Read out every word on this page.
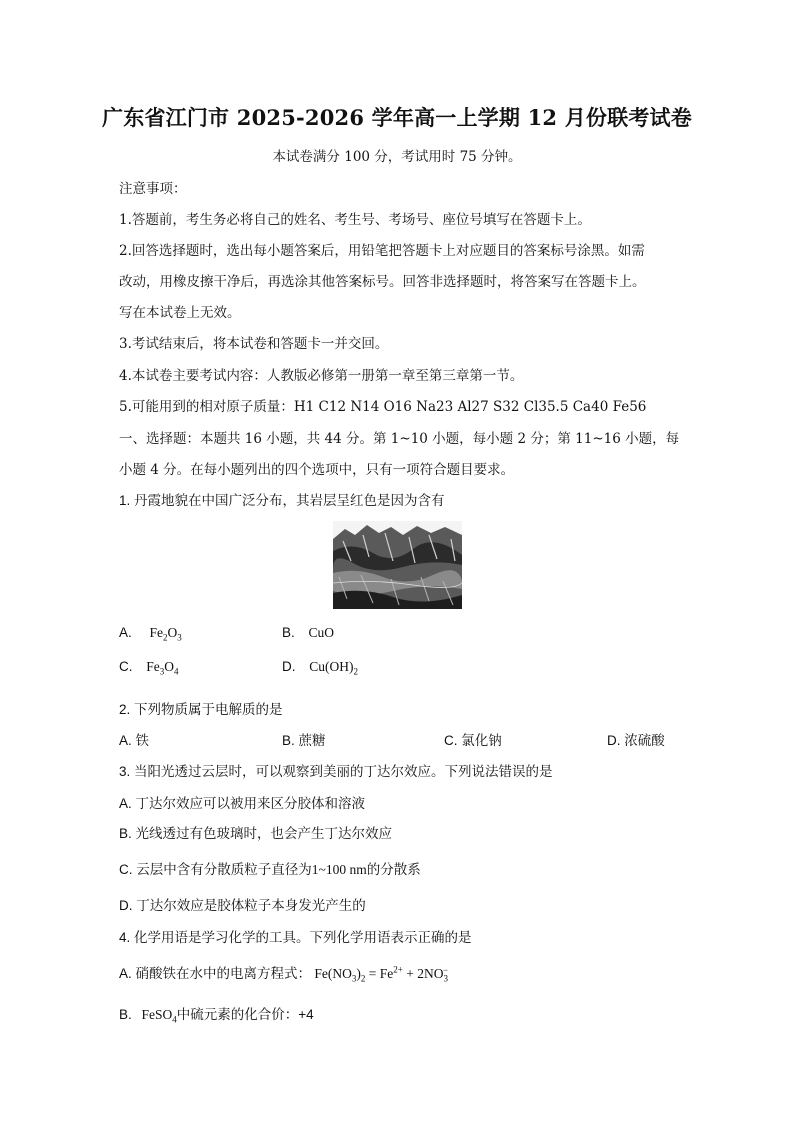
广东省江门市 2025-2026 学年高一上学期 12 月份联考试卷
本试卷满分 100 分，考试用时 75 分钟。
注意事项：
1.答题前，考生务必将自己的姓名、考生号、考场号、座位号填写在答题卡上。
2.回答选择题时，选出每小题答案后，用铅笔把答题卡上对应题目的答案标号涂黑。如需
改动，用橡皮擦干净后，再选涂其他答案标号。回答非选择题时，将答案写在答题卡上。
写在本试卷上无效。
3.考试结束后，将本试卷和答题卡一并交回。
4.本试卷主要考试内容：人教版必修第一册第一章至第三章第一节。
5.可能用到的相对原子质量：H1 C12 N14 O16 Na23 Al27 S32 Cl35.5 Ca40 Fe56
一、选择题：本题共 16 小题，共 44 分。第 1~10 小题，每小题 2 分；第 11~16 小题，每
小题 4 分。在每小题列出的四个选项中，只有一项符合题目要求。
1. 丹霞地貌在中国广泛分布，其岩层呈红色是因为含有
A. $Fe_2O_3$	B. CuO
C. $Fe_3O_4$	D. $Cu(OH)_2$
2. 下列物质属于电解质的是
A. 铁	B. 蔗糖	C. 氯化钠	D. 浓硫酸
3. 当阳光透过云层时，可以观察到美丽的丁达尔效应。下列说法错误的是
A. 丁达尔效应可以被用来区分胶体和溶液
B. 光线透过有色玻璃时，也会产生丁达尔效应
C. 云层中含有分散质粒子直径为1~100 nm的分散系
D. 丁达尔效应是胶体粒子本身发光产生的
4. 化学用语是学习化学的工具。下列化学用语表示正确的是
A. 硝酸铁在水中的电离方程式： $Fe(NO_3)_2 = Fe^{2+} + 2NO_3^-$
B. FeSO$_4$中硫元素的化合价：+4
